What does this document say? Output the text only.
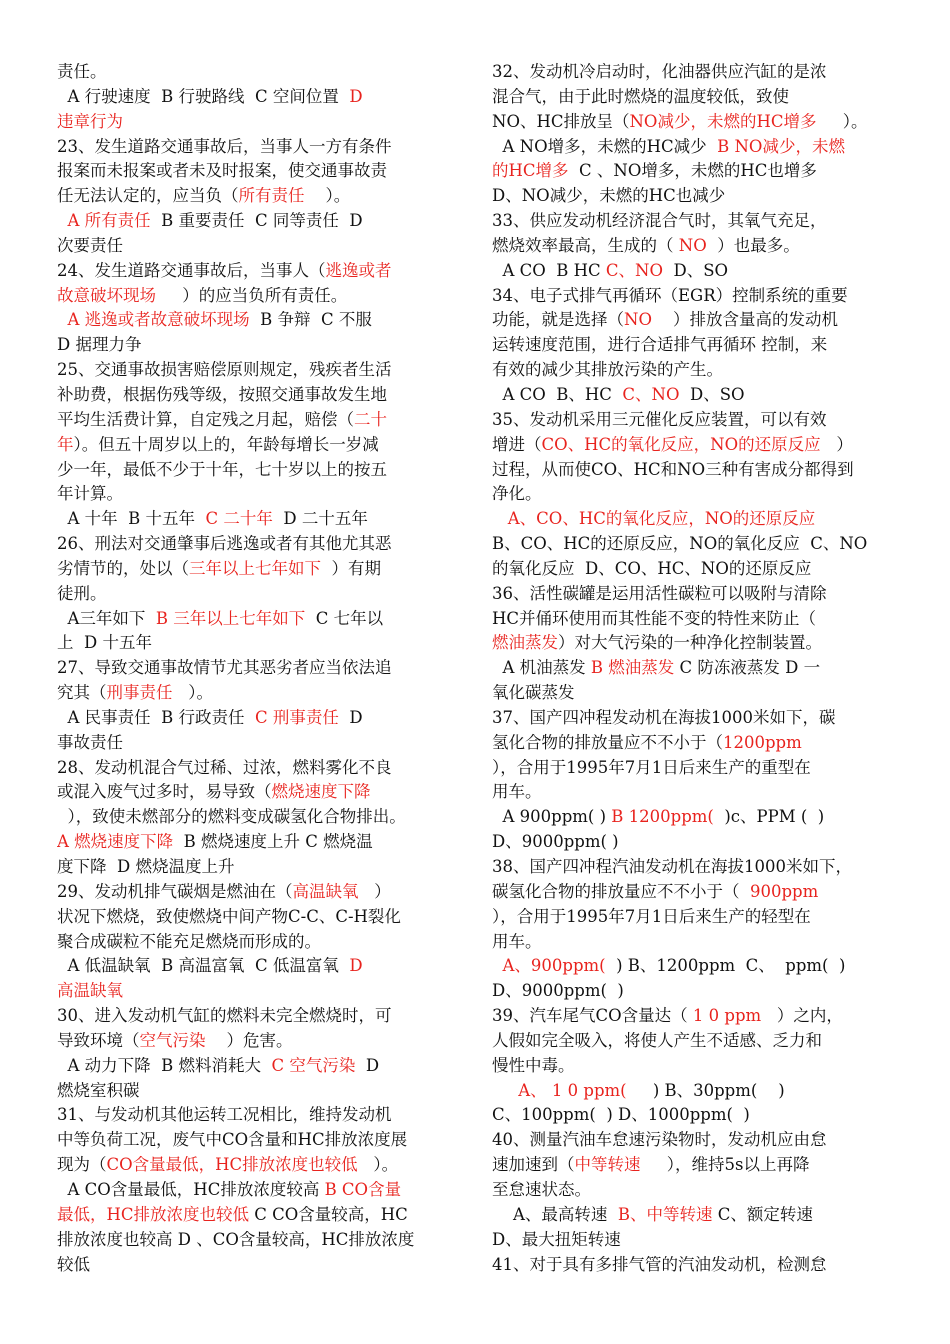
责任。
A 行驶速度  B 行驶路线  C 空间位置  D
违章行为
23、发生道路交通事故后，当事人一方有条件
报案而未报案或者未及时报案，使交通事故责
任无法认定的，应当负（所有责任    ）。
A 所有责任  B 重要责任  C 同等责任  D
次要责任
24、发生道路交通事故后，当事人（逃逸或者
故意破坏现场     ）的应当负所有责任。
A 逃逸或者故意破坏现场  B 争辩  C 不服
D 据理力争
25、交通事故损害赔偿原则规定，残疾者生活
补助费，根据伤残等级，按照交通事故发生地
平均生活费计算，自定残之月起，赔偿（二十
年）。但五十周岁以上的，年龄每增长一岁减
少一年，最低不少于十年，七十岁以上的按五
年计算。
A 十年  B 十五年  C 二十年  D 二十五年
26、刑法对交通肇事后逃逸或者有其他尤其恶
劣情节的，处以（三年以上七年如下  ）有期
徒刑。
A三年如下  B 三年以上七年如下  C 七年以
上  D 十五年
27、导致交通事故情节尤其恶劣者应当依法追
究其（刑事责任   ）。
A 民事责任  B 行政责任  C 刑事责任  D
事故责任
28、发动机混合气过稀、过浓，燃料雾化不良
或混入废气过多时，易导致（燃烧速度下降
），致使未燃部分的燃料变成碳氢化合物排出。
A 燃烧速度下降  B 燃烧速度上升 C 燃烧温
度下降  D 燃烧温度上升
29、发动机排气碳烟是燃油在（高温缺氧   ）
状况下燃烧，致使燃烧中间产物C-C、C-H裂化
聚合成碳粒不能充足燃烧而形成的。
A 低温缺氧  B 高温富氧  C 低温富氧  D
高温缺氧
30、进入发动机气缸的燃料未完全燃烧时，可
导致环境（空气污染    ）危害。
A 动力下降  B 燃料消耗大  C 空气污染  D
燃烧室积碳
31、与发动机其他运转工况相比，维持发动机
中等负荷工况，废气中CO含量和HC排放浓度展
现为（CO含量最低，HC排放浓度也较低   ）。
A CO含量最低，HC排放浓度较高 B CO含量
最低，HC排放浓度也较低 C CO含量较高，HC
排放浓度也较高 D 、CO含量较高，HC排放浓度
较低
32、发动机冷启动时，化油器供应汽缸的是浓
混合气，由于此时燃烧的温度较低，致使
NO、HC排放呈（NO减少，未燃的HC增多     ）。
A NO增多，未燃的HC减少  B NO减少，未燃
的HC增多  C 、NO增多，未燃的HC也增多
D、NO减少，未燃的HC也减少
33、供应发动机经济混合气时，其氧气充足，
燃烧效率最高，生成的（ NO  ）也最多。
A CO  B HC C、NO  D、SO
34、电子式排气再循环（EGR）控制系统的重要
功能，就是选择（NO    ）排放含量高的发动机
运转速度范围，进行合适排气再循环 控制，来
有效的减少其排放污染的产生。
A CO  B、HC  C、NO  D、SO
35、发动机采用三元催化反应装置，可以有效
增进（CO、HC的氧化反应，NO的还原反应   ）
过程，从而使CO、HC和NO三种有害成分都得到
净化。
A、CO、HC的氧化反应，NO的还原反应
B、CO、HC的还原反应，NO的氧化反应  C、NO
的氧化反应  D、CO、HC、NO的还原反应
36、活性碳罐是运用活性碳粒可以吸附与清除
HC并俑环使用而其性能不变的特性来防止（
燃油蒸发）对大气污染的一种净化控制装置。
A 机油蒸发 B 燃油蒸发 C 防冻液蒸发 D 一
氧化碳蒸发
37、国产四冲程发动机在海拔1000米如下，碳
氢化合物的排放量应不不小于（1200ppm
），合用于1995年7月1日后来生产的重型在
用车。
A 900ppm( ) B 1200ppm(  )c、PPM (  )
D、9000ppm( )
38、国产四冲程汽油发动机在海拔1000米如下，
碳氢化合物的排放量应不不小于（  900ppm
），合用于1995年7月1日后来生产的轻型在
用车。
A、900ppm(  ) B、1200ppm  C、  ppm(  )
D、9000ppm(  )
39、汽车尾气CO含量达（ 1 0 ppm   ）之内，
人假如完全吸入，将使人产生不适感、乏力和
慢性中毒。
A、 1 0 ppm(     ) B、30ppm(    )
C、100ppm(  ) D、1000ppm(  )
40、测量汽油车怠速污染物时，发动机应由怠
速加速到（中等转速     ），维持5s以上再降
至怠速状态。
A、最高转速  B、中等转速 C、额定转速
D、最大扭矩转速
41、对于具有多排气管的汽油发动机，检测怠
